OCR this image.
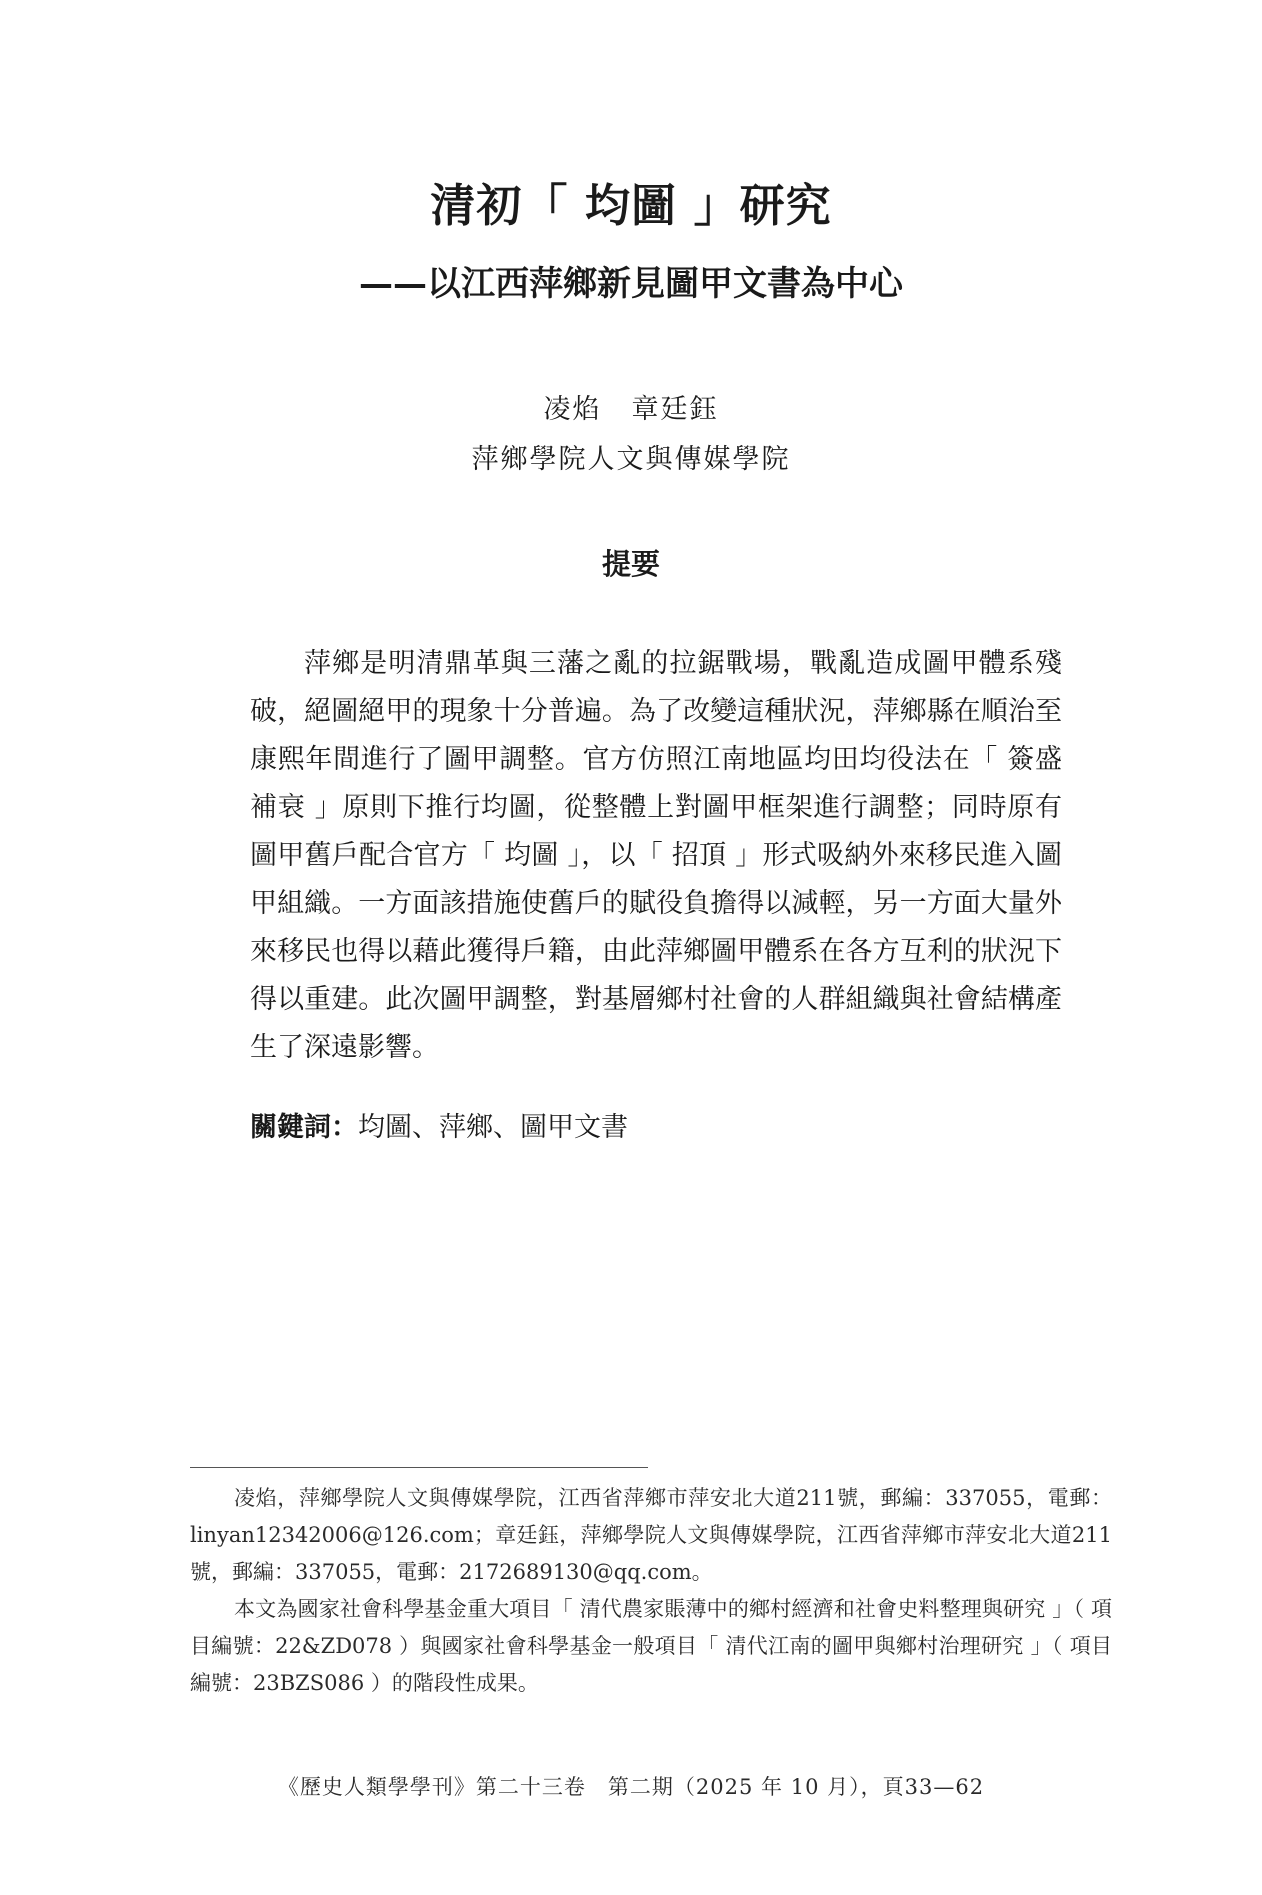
清初「 均圖 」研究
——以江西萍鄉新見圖甲文書為中心
凌焰 章廷鈺
萍鄉學院人文與傳媒學院
提要

萍鄉是明清鼎革與三藩之亂的拉鋸戰場，戰亂造成圖甲體系殘破，絕圖絕甲的現象十分普遍。為了改變這種狀況，萍鄉縣在順治至康熙年間進行了圖甲調整。官方仿照江南地區均田均役法在「 簽盛補衰 」原則下推行均圖，從整體上對圖甲框架進行調整；同時原有圖甲舊戶配合官方「 均圖 」，以「 招頂 」形式吸納外來移民進入圖甲組織。一方面該措施使舊戶的賦役負擔得以減輕，另一方面大量外來移民也得以藉此獲得戶籍，由此萍鄉圖甲體系在各方互利的狀況下得以重建。此次圖甲調整，對基層鄉村社會的人群組織與社會結構產生了深遠影響。

關鍵詞：均圖、萍鄉、圖甲文書

凌焰，萍鄉學院人文與傳媒學院，江西省萍鄉市萍安北大道211號，郵編：337055，電郵：linyan12342006@126.com；章廷鈺，萍鄉學院人文與傳媒學院，江西省萍鄉市萍安北大道211號，郵編：337055，電郵：2172689130@qq.com。

本文為國家社會科學基金重大項目「 清代農家賬薄中的鄉村經濟和社會史料整理與研究 」（ 項目編號：22&ZD078 ）與國家社會科學基金一般項目「 清代江南的圖甲與鄉村治理研究 」（ 項目編號：23BZS086 ）的階段性成果。

《歷史人類學學刊》第二十三卷　第二期（2025 年 10 月），頁33—62
